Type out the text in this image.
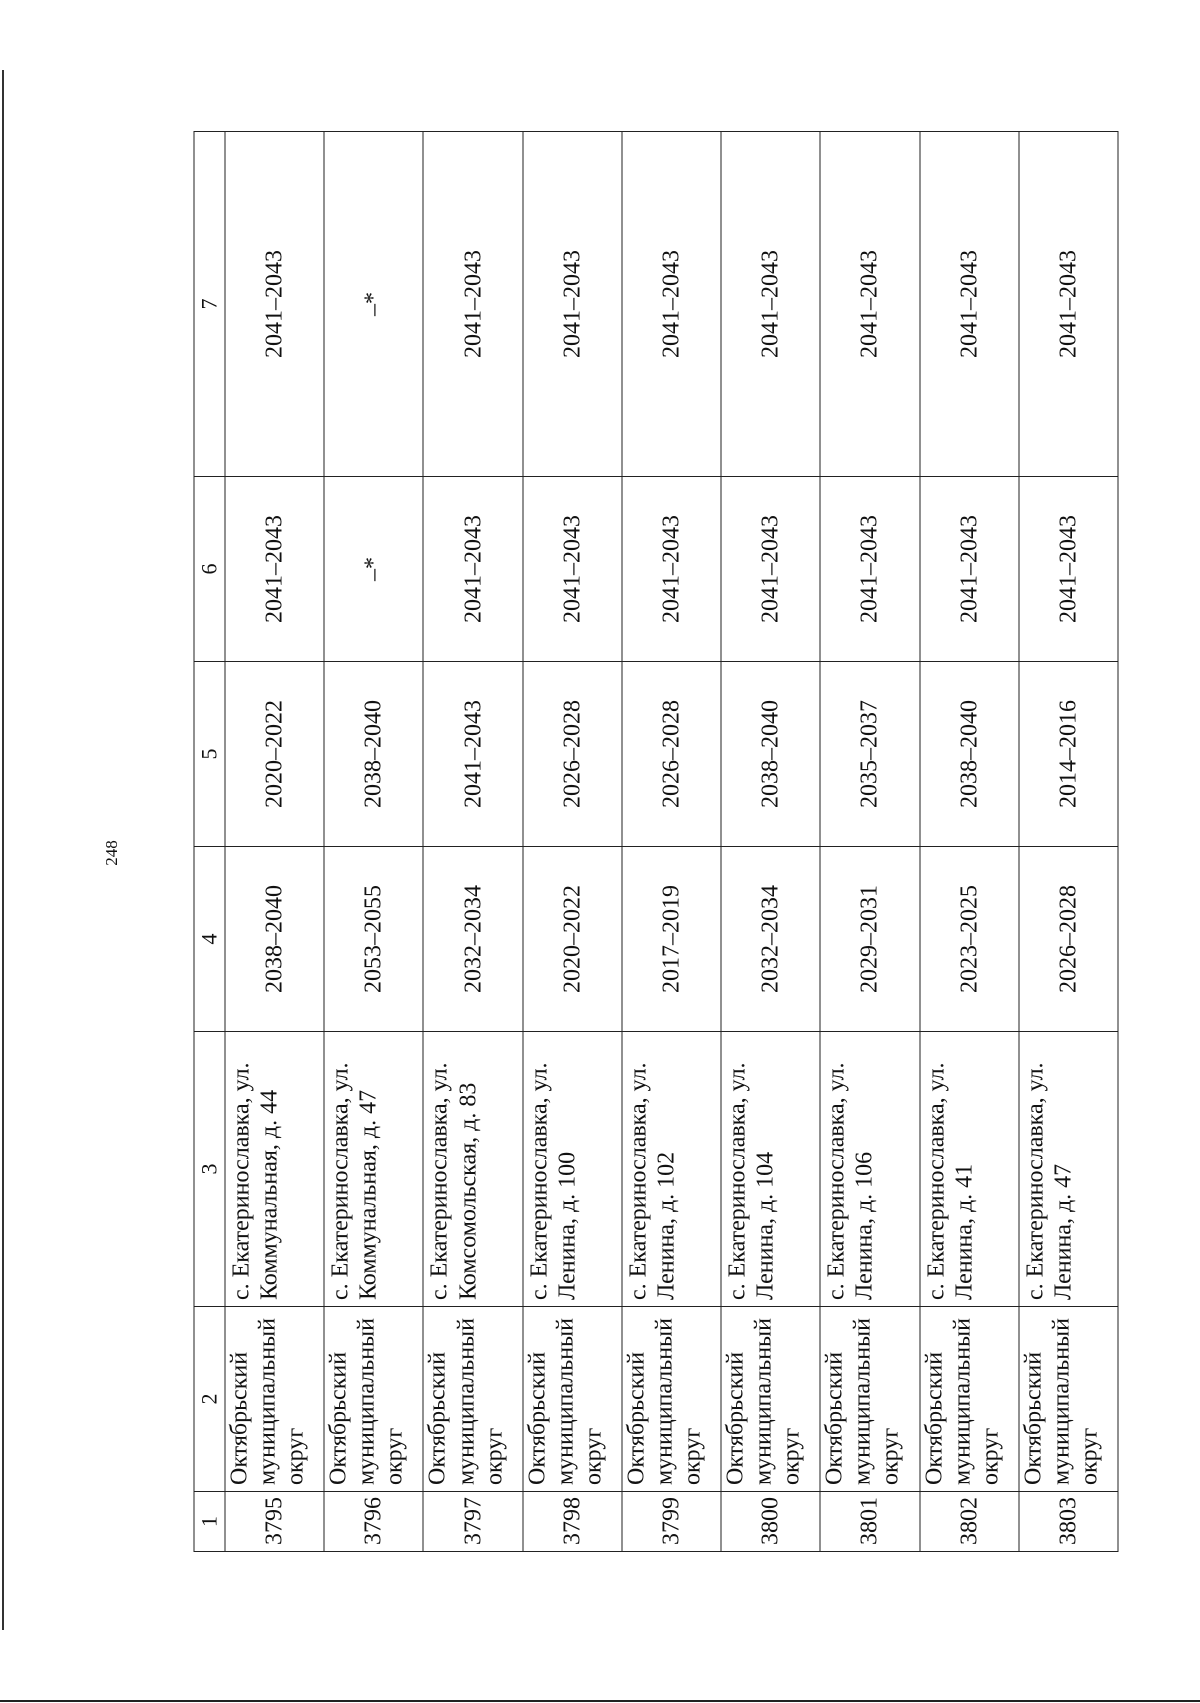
248
1	2	3	4	5	6	7
3795	Октябрьский муниципальный округ	с. Екатеринославка, ул. Коммунальная, д. 44	2038–2040	2020–2022	2041–2043	2041–2043
3796	Октябрьский муниципальный округ	с. Екатеринославка, ул. Коммунальная, д. 47	2053–2055	2038–2040	–*	–*
3797	Октябрьский муниципальный округ	с. Екатеринославка, ул. Комсомольская, д. 83	2032–2034	2041–2043	2041–2043	2041–2043
3798	Октябрьский муниципальный округ	с. Екатеринославка, ул. Ленина, д. 100	2020–2022	2026–2028	2041–2043	2041–2043
3799	Октябрьский муниципальный округ	с. Екатеринославка, ул. Ленина, д. 102	2017–2019	2026–2028	2041–2043	2041–2043
3800	Октябрьский муниципальный округ	с. Екатеринославка, ул. Ленина, д. 104	2032–2034	2038–2040	2041–2043	2041–2043
3801	Октябрьский муниципальный округ	с. Екатеринославка, ул. Ленина, д. 106	2029–2031	2035–2037	2041–2043	2041–2043
3802	Октябрьский муниципальный округ	с. Екатеринославка, ул. Ленина, д. 41	2023–2025	2038–2040	2041–2043	2041–2043
3803	Октябрьский муниципальный округ	с. Екатеринославка, ул. Ленина, д. 47	2026–2028	2014–2016	2041–2043	2041–2043
